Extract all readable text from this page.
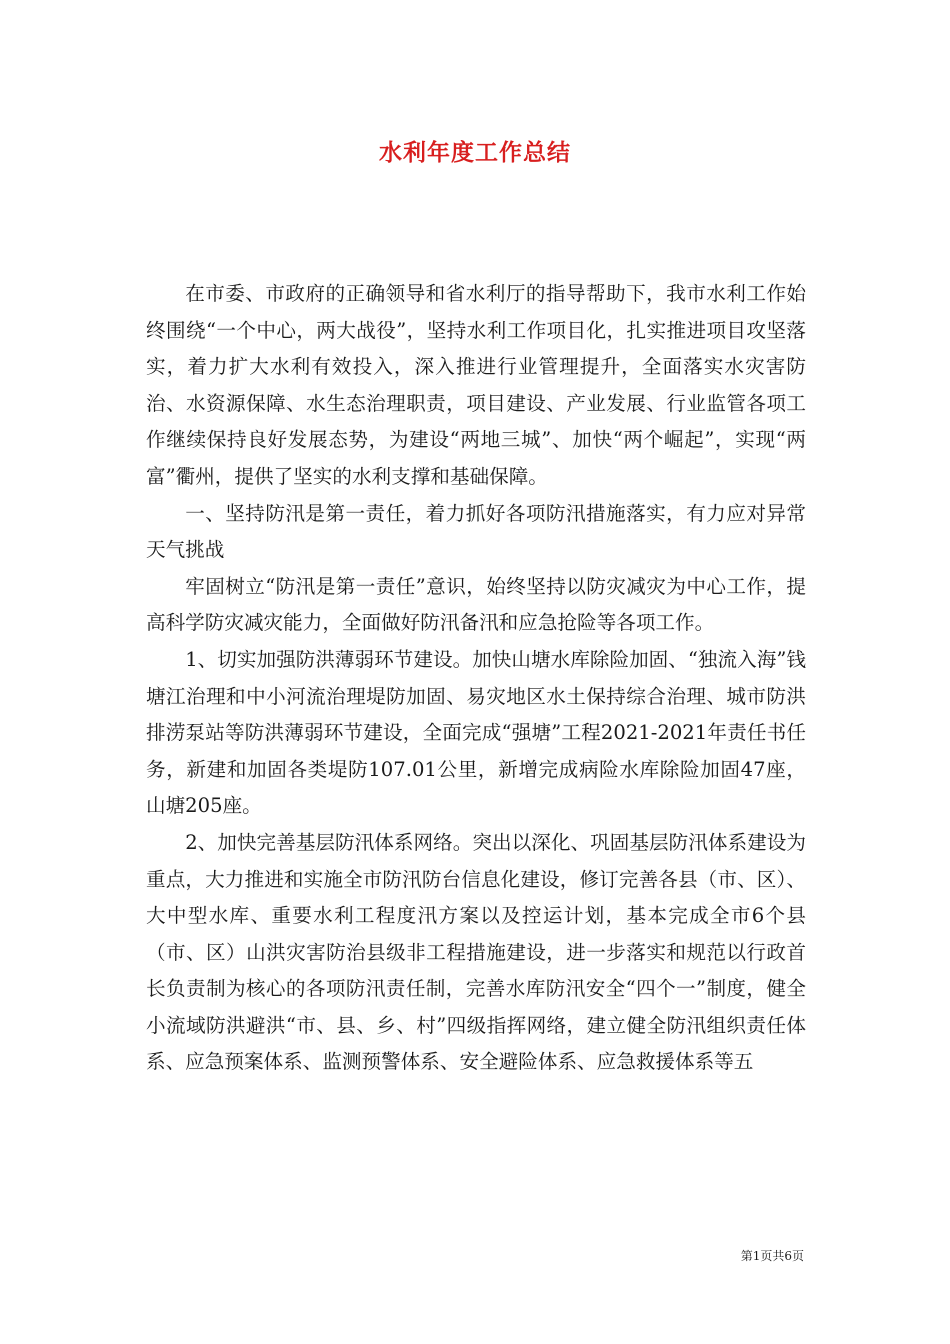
水利年度工作总结

在市委、市政府的正确领导和省水利厅的指导帮助下，我市水利工作始终围绕“一个中心，两大战役”，坚持水利工作项目化，扎实推进项目攻坚落实，着力扩大水利有效投入，深入推进行业管理提升，全面落实水灾害防治、水资源保障、水生态治理职责，项目建设、产业发展、行业监管各项工作继续保持良好发展态势，为建设“两地三城”、加快“两个崛起”，实现“两富”衢州，提供了坚实的水利支撑和基础保障。

一、坚持防汛是第一责任，着力抓好各项防汛措施落实，有力应对异常天气挑战

牢固树立“防汛是第一责任”意识，始终坚持以防灾减灾为中心工作，提高科学防灾减灾能力，全面做好防汛备汛和应急抢险等各项工作。

1、切实加强防洪薄弱环节建设。加快山塘水库除险加固、“独流入海”钱塘江治理和中小河流治理堤防加固、易灾地区水土保持综合治理、城市防洪排涝泵站等防洪薄弱环节建设，全面完成“强塘”工程2021-2021年责任书任务，新建和加固各类堤防107.01公里，新增完成病险水库除险加固47座，山塘205座。

2、加快完善基层防汛体系网络。突出以深化、巩固基层防汛体系建设为重点，大力推进和实施全市防汛防台信息化建设，修订完善各县（市、区）、大中型水库、重要水利工程度汛方案以及控运计划，基本完成全市6个县（市、区）山洪灾害防治县级非工程措施建设，进一步落实和规范以行政首长负责制为核心的各项防汛责任制，完善水库防汛安全“四个一”制度，健全小流域防洪避洪“市、县、乡、村”四级指挥网络，建立健全防汛组织责任体系、应急预案体系、监测预警体系、安全避险体系、应急救援体系等五

第1页共6页
